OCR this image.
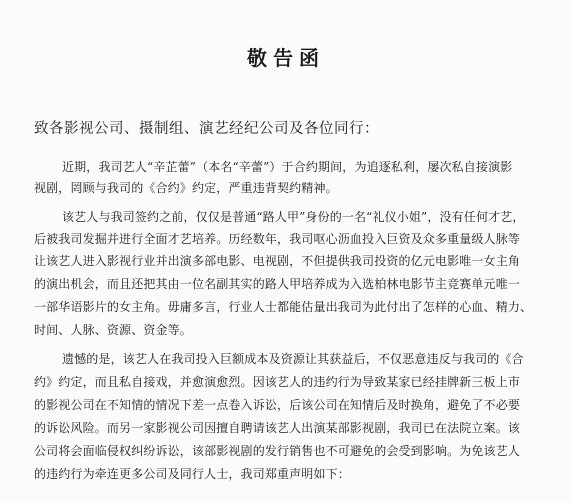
敬告函
致各影视公司、摄制组、演艺经纪公司及各位同行：
近期，我司艺人“辛芷蕾”（本名“辛蕾”）于合约期间，为追逐私利，屡次私自接演影
视剧，罔顾与我司的《合约》约定，严重违背契约精神。
该艺人与我司签约之前，仅仅是普通“路人甲”身份的一名“礼仪小姐”，没有任何才艺，
后被我司发掘并进行全面才艺培养。历经数年，我司呕心沥血投入巨资及众多重量级人脉等
让该艺人进入影视行业并出演多部电影、电视剧，不但提供我司投资的亿元电影唯一女主角
的演出机会，而且还把其由一位名副其实的路人甲培养成为入选柏林电影节主竞赛单元唯一
一部华语影片的女主角。毋庸多言，行业人士都能估量出我司为此付出了怎样的心血、精力、
时间、人脉、资源、资金等。
遗憾的是，该艺人在我司投入巨额成本及资源让其获益后，不仅恶意违反与我司的《合
约》约定，而且私自接戏，并愈演愈烈。因该艺人的违约行为导致某家已经挂牌新三板上市
的影视公司在不知情的情况下差一点卷入诉讼，后该公司在知情后及时换角，避免了不必要
的诉讼风险。而另一家影视公司因擅自聘请该艺人出演某部影视剧，我司已在法院立案。该
公司将会面临侵权纠纷诉讼，该部影视剧的发行销售也不可避免的会受到影响。为免该艺人
的违约行为牵连更多公司及同行人士，我司郑重声明如下：
